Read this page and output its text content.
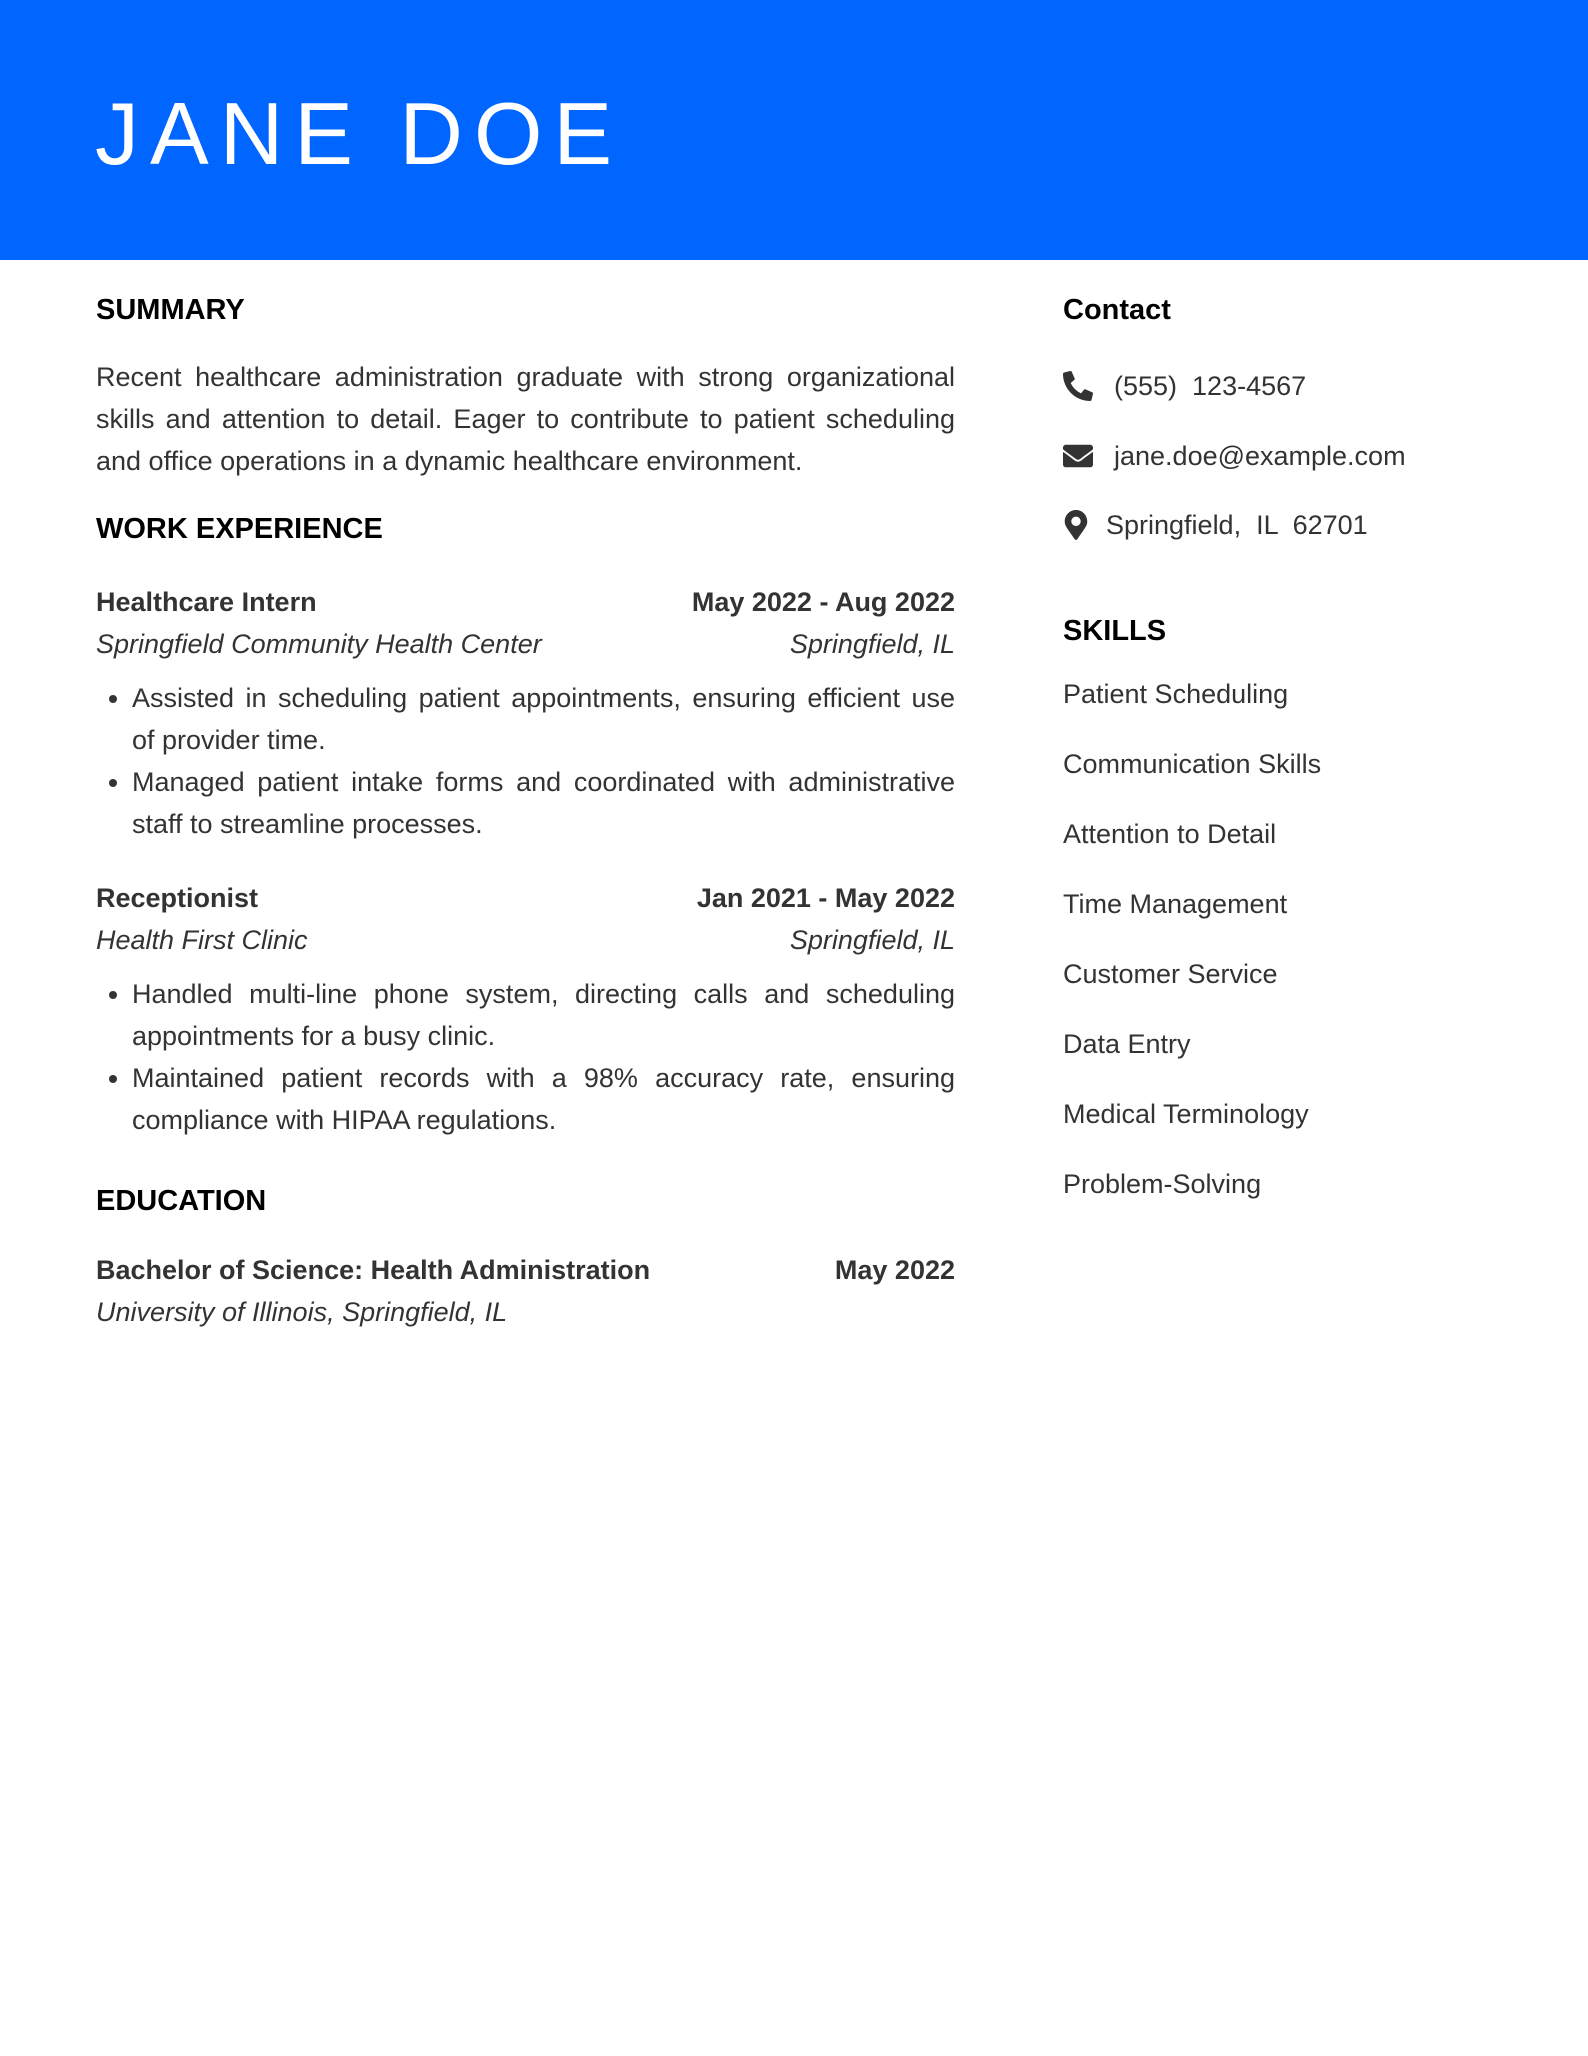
JANE DOE
SUMMARY
Recent healthcare administration graduate with strong organizational skills and attention to detail. Eager to contribute to patient scheduling and office operations in a dynamic healthcare environment.
WORK EXPERIENCE
Healthcare Intern	May 2022 - Aug 2022
Springfield Community Health Center	Springfield, IL
• Assisted in scheduling patient appointments, ensuring efficient use of provider time.
• Managed patient intake forms and coordinated with administrative staff to streamline processes.
Receptionist	Jan 2021 - May 2022
Health First Clinic	Springfield, IL
• Handled multi-line phone system, directing calls and scheduling appointments for a busy clinic.
• Maintained patient records with a 98% accuracy rate, ensuring compliance with HIPAA regulations.
EDUCATION
Bachelor of Science: Health Administration	May 2022
University of Illinois, Springfield, IL
Contact
(555)  123-4567
jane.doe@example.com
Springfield,  IL  62701
SKILLS
Patient Scheduling
Communication Skills
Attention to Detail
Time Management
Customer Service
Data Entry
Medical Terminology
Problem-Solving
